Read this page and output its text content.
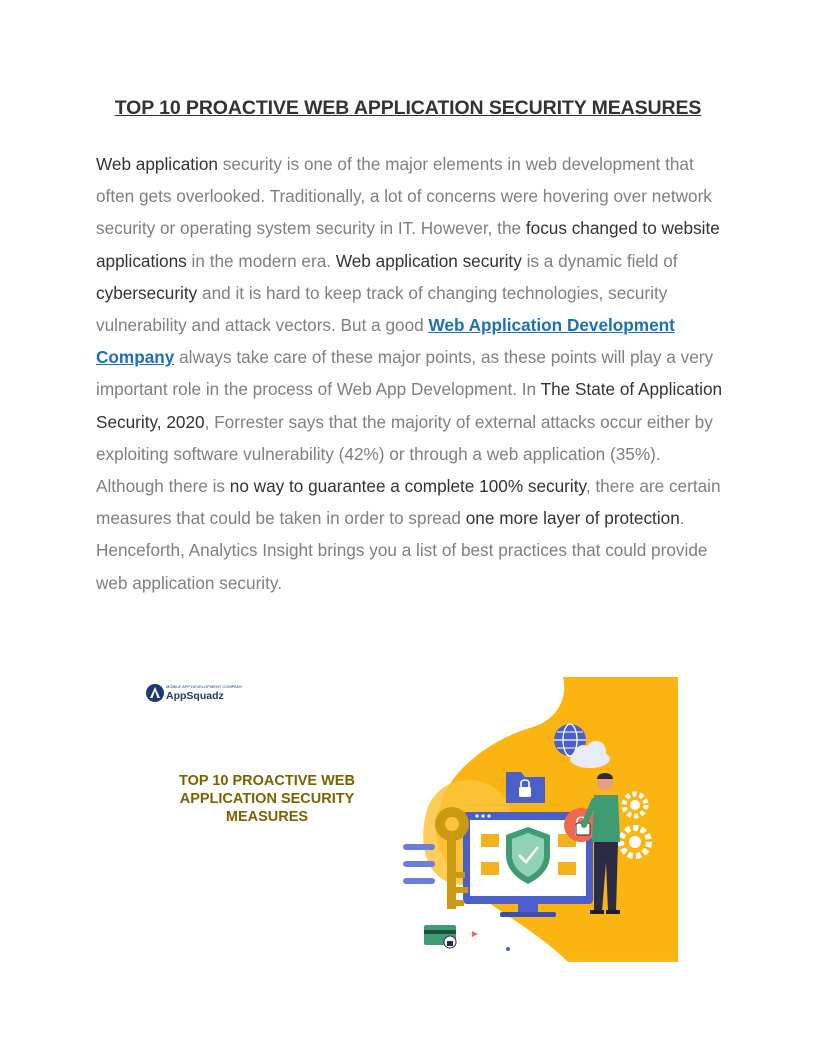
TOP 10 PROACTIVE WEB APPLICATION SECURITY MEASURES
Web application security is one of the major elements in web development that often gets overlooked. Traditionally, a lot of concerns were hovering over network security or operating system security in IT. However, the focus changed to website applications in the modern era. Web application security is a dynamic field of cybersecurity and it is hard to keep track of changing technologies, security vulnerability and attack vectors. But a good Web Application Development Company always take care of these major points, as these points will play a very important role in the process of Web App Development. In The State of Application Security, 2020, Forrester says that the majority of external attacks occur either by exploiting software vulnerability (42%) or through a web application (35%). Although there is no way to guarantee a complete 100% security, there are certain measures that could be taken in order to spread one more layer of protection. Henceforth, Analytics Insight brings you a list of best practices that could provide web application security.
MOBILE APP DEVELOPMENT COMPANY
AppSquadz
TOP 10 PROACTIVE WEB APPLICATION SECURITY MEASURES
